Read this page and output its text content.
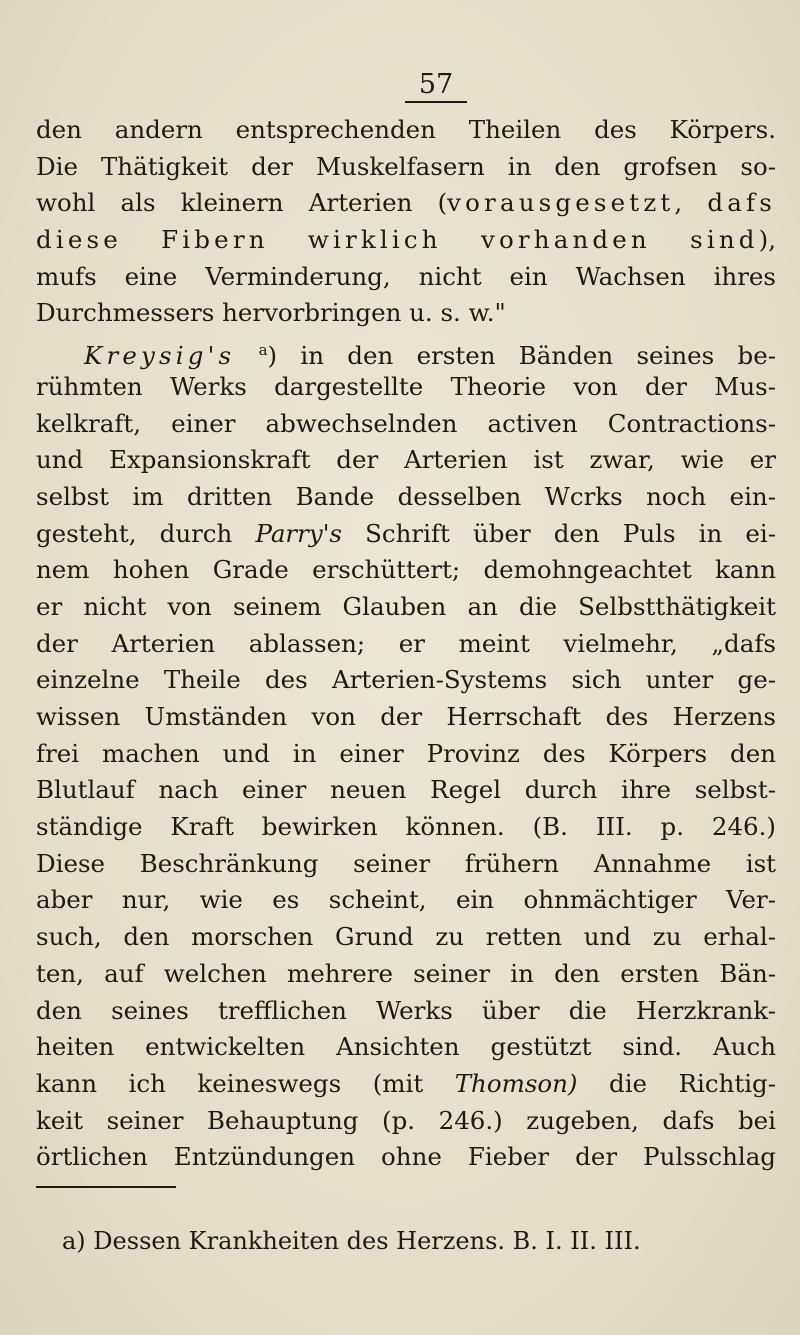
57
den andern entsprechenden Theilen des Körpers.
Die Thätigkeit der Muskelfasern in den grofsen so-
wohl als kleinern Arterien (vorausgesetzt, dafs
diese Fibern wirklich vorhanden sind),
mufs eine Verminderung, nicht ein Wachsen ihres
Durchmessers hervorbringen u. s. w."
Kreysig's $^a$) in den ersten Bänden seines be-
rühmten Werks dargestellte Theorie von der Mus-
kelkraft, einer abwechselnden activen Contractions-
und Expansionskraft der Arterien ist zwar, wie er
selbst im dritten Bande desselben Wcrks noch ein-
gesteht, durch Parry's Schrift über den Puls in ei-
nem hohen Grade erschüttert; demohngeachtet kann
er nicht von seinem Glauben an die Selbstthätigkeit
der Arterien ablassen; er meint vielmehr, „dafs
einzelne Theile des Arterien-Systems sich unter ge-
wissen Umständen von der Herrschaft des Herzens
frei machen und in einer Provinz des Körpers den
Blutlauf nach einer neuen Regel durch ihre selbst-
ständige Kraft bewirken können. (B. III. p. 246.)
Diese Beschränkung seiner frühern Annahme ist
aber nur, wie es scheint, ein ohnmächtiger Ver-
such, den morschen Grund zu retten und zu erhal-
ten, auf welchen mehrere seiner in den ersten Bän-
den seines trefflichen Werks über die Herzkrank-
heiten entwickelten Ansichten gestützt sind. Auch
kann ich keineswegs (mit Thomson) die Richtig-
keit seiner Behauptung (p. 246.) zugeben, dafs bei
örtlichen Entzündungen ohne Fieber der Pulsschlag
a) Dessen Krankheiten des Herzens. B. I. II. III.
